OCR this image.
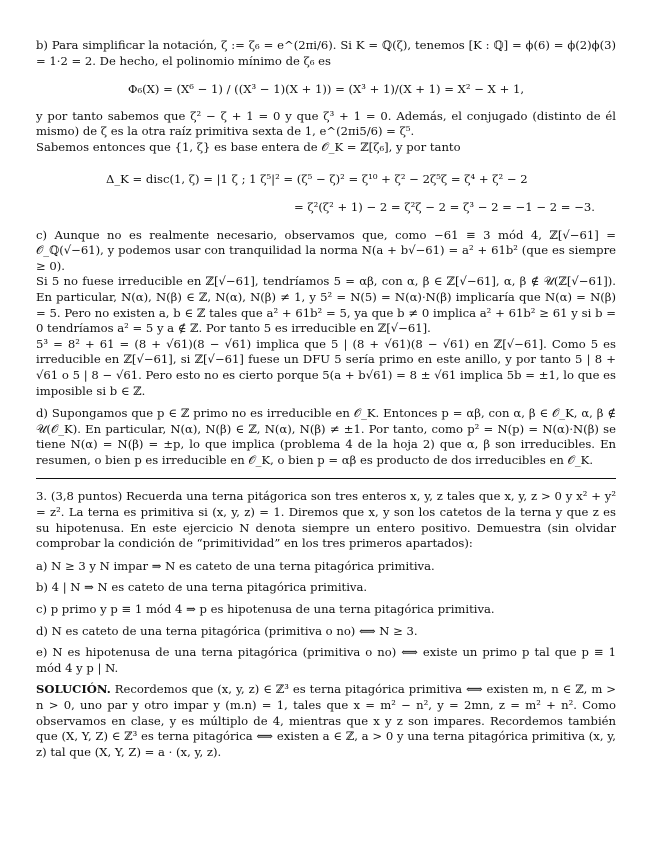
b) Para simplificar la notación, ζ := ζ₆ = e^(2πi/6). Si K = ℚ(ζ), tenemos [K : ℚ] = ϕ(6) = ϕ(2)ϕ(3) = 1·2 = 2. De hecho, el polinomio mínimo de ζ₆ es

Φ₆(X) = (X⁶ − 1) / ((X³ − 1)(X + 1)) = (X³ + 1)/(X + 1) = X² − X + 1,

y por tanto sabemos que ζ² − ζ + 1 = 0 y que ζ³ + 1 = 0. Además, el conjugado (distinto de él mismo) de ζ es la otra raíz primitiva sexta de 1, e^(2πi5/6) = ζ⁵.

Sabemos entonces que {1, ζ} es base entera de 𝒪_K = ℤ[ζ₆], y por tanto

Δ_K = disc(1, ζ) = |1 ζ ; 1 ζ⁵|² = (ζ⁵ − ζ)² = ζ¹⁰ + ζ² − 2ζ⁵ζ = ζ⁴ + ζ² − 2
= ζ²(ζ² + 1) − 2 = ζ²ζ − 2 = ζ³ − 2 = −1 − 2 = −3.

c) Aunque no es realmente necesario, observamos que, como −61 ≡ 3 mód 4, ℤ[√−61] = 𝒪_ℚ(√−61), y podemos usar con tranquilidad la norma N(a + b√−61) = a² + 61b² (que es siempre ≥ 0).

Si 5 no fuese irreducible en ℤ[√−61], tendríamos 5 = αβ, con α, β ∈ ℤ[√−61], α, β ∉ 𝒰(ℤ[√−61]). En particular, N(α), N(β) ∈ ℤ, N(α), N(β) ≠ 1, y 5² = N(5) = N(α)·N(β) implicaría que N(α) = N(β) = 5. Pero no existen a, b ∈ ℤ tales que a² + 61b² = 5, ya que b ≠ 0 implica a² + 61b² ≥ 61 y si b = 0 tendríamos a² = 5 y a ∉ ℤ. Por tanto 5 es irreducible en ℤ[√−61].

5³ = 8² + 61 = (8 + √61)(8 − √61) implica que 5 | (8 + √61)(8 − √61) en ℤ[√−61]. Como 5 es irreducible en ℤ[√−61], si ℤ[√−61] fuese un DFU 5 sería primo en este anillo, y por tanto 5 | 8 + √61 o 5 | 8 − √61. Pero esto no es cierto porque 5(a + b√61) = 8 ± √61 implica 5b = ±1, lo que es imposible si b ∈ ℤ.

d) Supongamos que p ∈ ℤ primo no es irreducible en 𝒪_K. Entonces p = αβ, con α, β ∈ 𝒪_K, α, β ∉ 𝒰(𝒪_K). En particular, N(α), N(β) ∈ ℤ, N(α), N(β) ≠ ±1. Por tanto, como p² = N(p) = N(α)·N(β) se tiene N(α) = N(β) = ±p, lo que implica (problema 4 de la hoja 2) que α, β son irreducibles. En resumen, o bien p es irreducible en 𝒪_K, o bien p = αβ es producto de dos irreducibles en 𝒪_K.

3. (3,8 puntos) Recuerda una terna pitágorica son tres enteros x, y, z tales que x, y, z > 0 y x² + y² = z². La terna es primitiva si (x, y, z) = 1. Diremos que x, y son los catetos de la terna y que z es su hipotenusa. En este ejercicio N denota siempre un entero positivo. Demuestra (sin olvidar comprobar la condición de “primitividad” en los tres primeros apartados):

a) N ≥ 3 y N impar ⇒ N es cateto de una terna pitagórica primitiva.

b) 4 | N ⇒ N es cateto de una terna pitagórica primitiva.

c) p primo y p ≡ 1 mód 4 ⇒ p es hipotenusa de una terna pitagórica primitiva.

d) N es cateto de una terna pitagórica (primitiva o no) ⟺ N ≥ 3.

e) N es hipotenusa de una terna pitagórica (primitiva o no) ⟺ existe un primo p tal que p ≡ 1 mód 4 y p | N.

SOLUCIÓN. Recordemos que (x, y, z) ∈ ℤ³ es terna pitagórica primitiva ⟺ existen m, n ∈ ℤ, m > n > 0, uno par y otro impar y (m.n) = 1, tales que x = m² − n², y = 2mn, z = m² + n². Como observamos en clase, y es múltiplo de 4, mientras que x y z son impares. Recordemos también que (X, Y, Z) ∈ ℤ³ es terna pitagórica ⟺ existen a ∈ ℤ, a > 0 y una terna pitagórica primitiva (x, y, z) tal que (X, Y, Z) = a · (x, y, z).
